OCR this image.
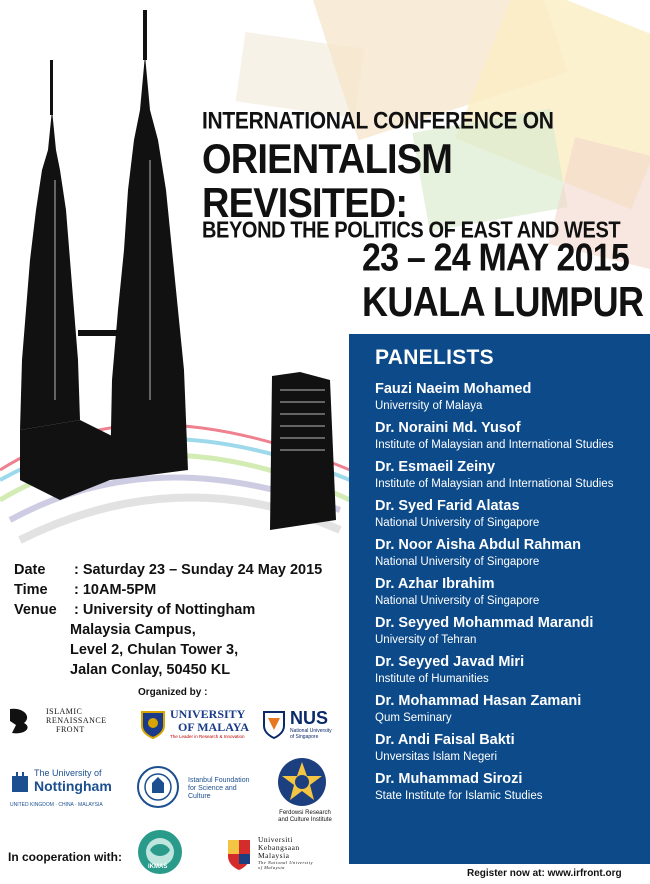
INTERNATIONAL CONFERENCE ON
ORIENTALISM REVISITED:
BEYOND THE POLITICS OF EAST AND WEST
23 – 24 MAY 2015
KUALA LUMPUR
PANELISTS
Fauzi Naeim Mohamed
Univerrsity of Malaya
Dr. Noraini Md. Yusof
Institute of Malaysian and International Studies
Dr. Esmaeil Zeiny
Institute of Malaysian and International Studies
Dr. Syed Farid Alatas
National University of Singapore
Dr. Noor Aisha Abdul Rahman
National University of Singapore
Dr. Azhar Ibrahim
National University of Singapore
Dr. Seyyed Mohammad Marandi
University of Tehran
Dr. Seyyed Javad Miri
Institute of Humanities
Dr. Mohammad Hasan Zamani
Qum Seminary
Dr. Andi Faisal Bakti
Unversitas Islam Negeri
Dr. Muhammad Sirozi
State Institute for Islamic Studies
Date	: Saturday 23 – Sunday 24 May 2015
Time	: 10AM-5PM
Venue	: University of Nottingham
Malaysia Campus,
Level 2, Chulan Tower 3,
Jalan Conlay, 50450 KL
Organized by :
ISLAMIC
RENAISSANCE
FRONT
UNIVERSITY
OF MALAYA
The Leader in Research & Innovation
NUS
National University
of Singapore
The University of
Nottingham
UNITED KINGDOM · CHINA · MALAYSIA
Istanbul Foundation
for Science and
Culture
Ferdowsi Research
and Culture Institute
In cooperation with:
IKMAS
Universiti
Kebangsaan
Malaysia
The National University
of Malaysia
Register now at: www.irfront.org
